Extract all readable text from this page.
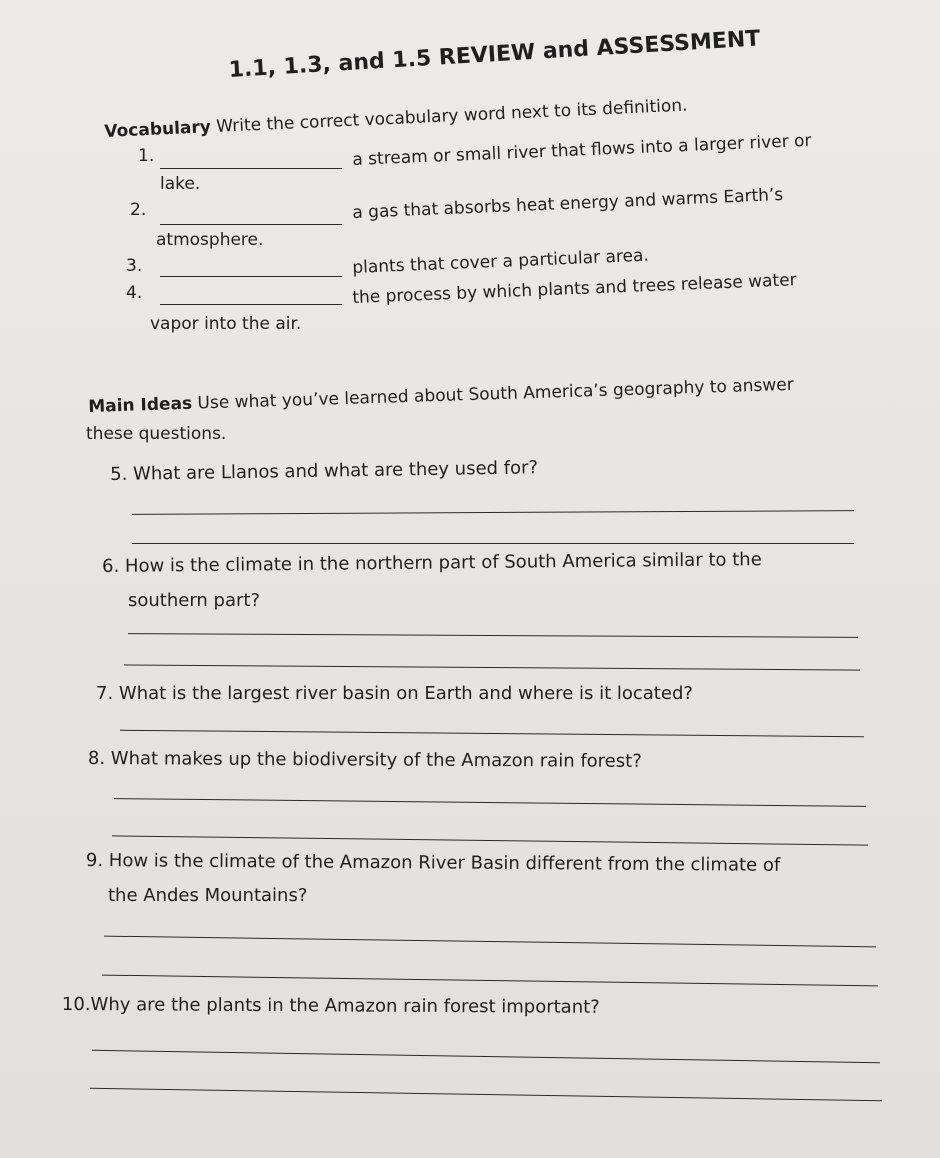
1.1, 1.3, and 1.5 REVIEW and ASSESSMENT
Vocabulary Write the correct vocabulary word next to its definition.
1.	a stream or small river that flows into a larger river or
lake.
2.	a gas that absorbs heat energy and warms Earth’s
atmosphere.
3.	plants that cover a particular area.
4.	the process by which plants and trees release water
vapor into the air.
Main Ideas Use what you’ve learned about South America’s geography to answer
these questions.
5. What are Llanos and what are they used for?
6. How is the climate in the northern part of South America similar to the
southern part?
7. What is the largest river basin on Earth and where is it located?
8. What makes up the biodiversity of the Amazon rain forest?
9. How is the climate of the Amazon River Basin different from the climate of
the Andes Mountains?
10.Why are the plants in the Amazon rain forest important?
